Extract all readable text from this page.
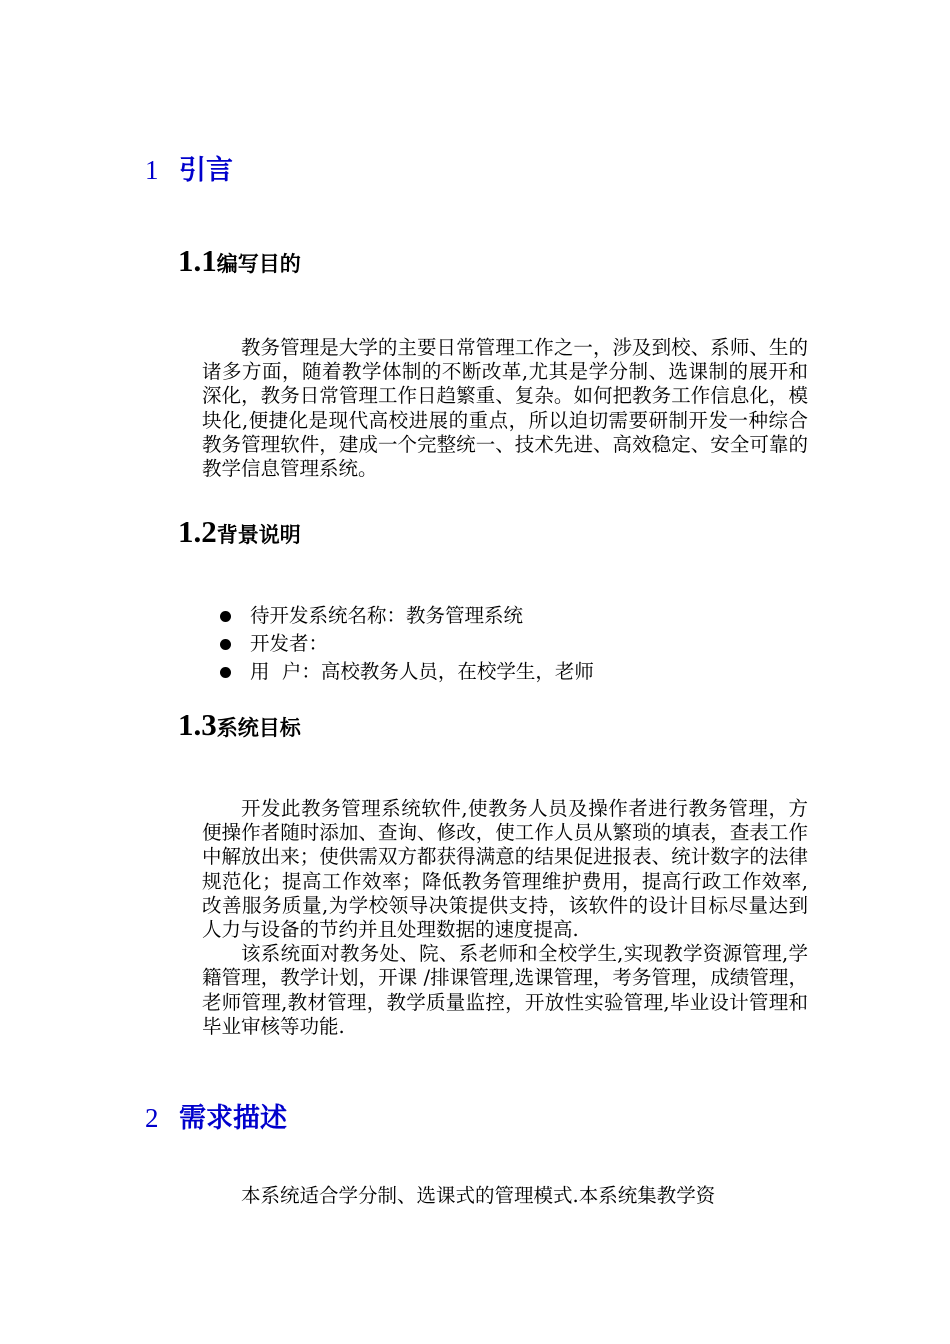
1 引言
1.1编写目的

教务管理是大学的主要日常管理工作之一，涉及到校、系师、生的诸多方面，随着教学体制的不断改革,尤其是学分制、选课制的展开和深化，教务日常管理工作日趋繁重、复杂。如何把教务工作信息化，模块化,便捷化是现代高校进展的重点，所以迫切需要研制开发一种综合教务管理软件，建成一个完整统一、技术先进、高效稳定、安全可靠的教学信息管理系统。

1.2背景说明
待开发系统名称：教务管理系统
开发者：
用  户：高校教务人员，在校学生，老师
1.3系统目标

开发此教务管理系统软件,使教务人员及操作者进行教务管理，方便操作者随时添加、查询、修改，使工作人员从繁琐的填表，查表工作中解放出来；使供需双方都获得满意的结果促进报表、统计数字的法律规范化；提高工作效率；降低教务管理维护费用，提高行政工作效率,改善服务质量,为学校领导决策提供支持，该软件的设计目标尽量达到人力与设备的节约并且处理数据的速度提高.

该系统面对教务处、院、系老师和全校学生,实现教学资源管理,学籍管理，教学计划，开课 /排课管理,选课管理，考务管理，成绩管理，老师管理,教材管理，教学质量监控，开放性实验管理,毕业设计管理和毕业审核等功能.

2 需求描述

本系统适合学分制、选课式的管理模式.本系统集教学资
